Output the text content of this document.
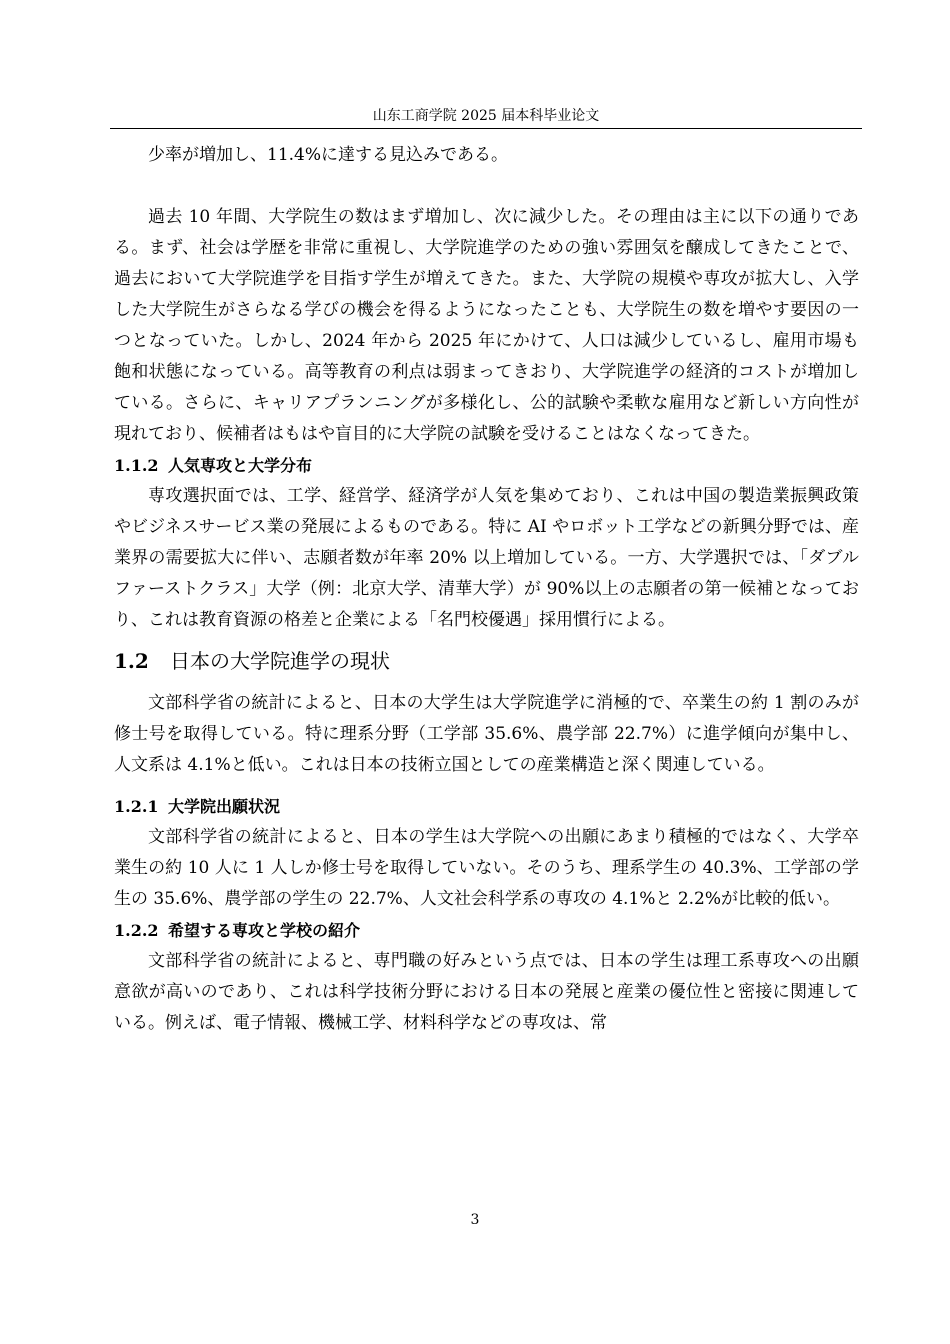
山东工商学院 2025 届本科毕业论文

少率が増加し、11.4%に達する見込みである。

過去 10 年間、大学院生の数はまず増加し、次に減少した。その理由は主に以下の通りである。まず、社会は学歴を非常に重視し、大学院進学のための強い雰囲気を醸成してきたことで、過去において大学院進学を目指す学生が増えてきた。また、大学院の規模や専攻が拡大し、入学した大学院生がさらなる学びの機会を得るようになったことも、大学院生の数を増やす要因の一つとなっていた。しかし、2024 年から 2025 年にかけて、人口は減少しているし、雇用市場も飽和状態になっている。高等教育の利点は弱まってきおり、大学院進学の経済的コストが増加している。さらに、キャリアプランニングが多様化し、公的試験や柔軟な雇用など新しい方向性が現れており、候補者はもはや盲目的に大学院の試験を受けることはなくなってきた。

1.1.2 人気専攻と大学分布

専攻選択面では、工学、経営学、経済学が人気を集めており、これは中国の製造業振興政策やビジネスサービス業の発展によるものである。特に AI やロボット工学などの新興分野では、産業界の需要拡大に伴い、志願者数が年率 20% 以上増加している。一方、大学選択では、「ダブルファーストクラス」大学（例：北京大学、清華大学）が 90%以上の志願者の第一候補となっており、これは教育資源の格差と企業による「名門校優遇」採用慣行による。

1.2 日本の大学院進学の現状

文部科学省の統計によると、日本の大学生は大学院進学に消極的で、卒業生の約 1 割のみが修士号を取得している。特に理系分野（工学部 35.6%、農学部 22.7%）に進学傾向が集中し、人文系は 4.1%と低い。これは日本の技術立国としての産業構造と深く関連している。

1.2.1 大学院出願状況

文部科学省の統計によると、日本の学生は大学院への出願にあまり積極的ではなく、大学卒業生の約 10 人に 1 人しか修士号を取得していない。そのうち、理系学生の 40.3%、工学部の学生の 35.6%、農学部の学生の 22.7%、人文社会科学系の専攻の 4.1%と 2.2%が比較的低い。

1.2.2 希望する専攻と学校の紹介

文部科学省の統計によると、専門職の好みという点では、日本の学生は理工系専攻への出願意欲が高いのであり、これは科学技術分野における日本の発展と産業の優位性と密接に関連している。例えば、電子情報、機械工学、材料科学などの専攻は、常

3
